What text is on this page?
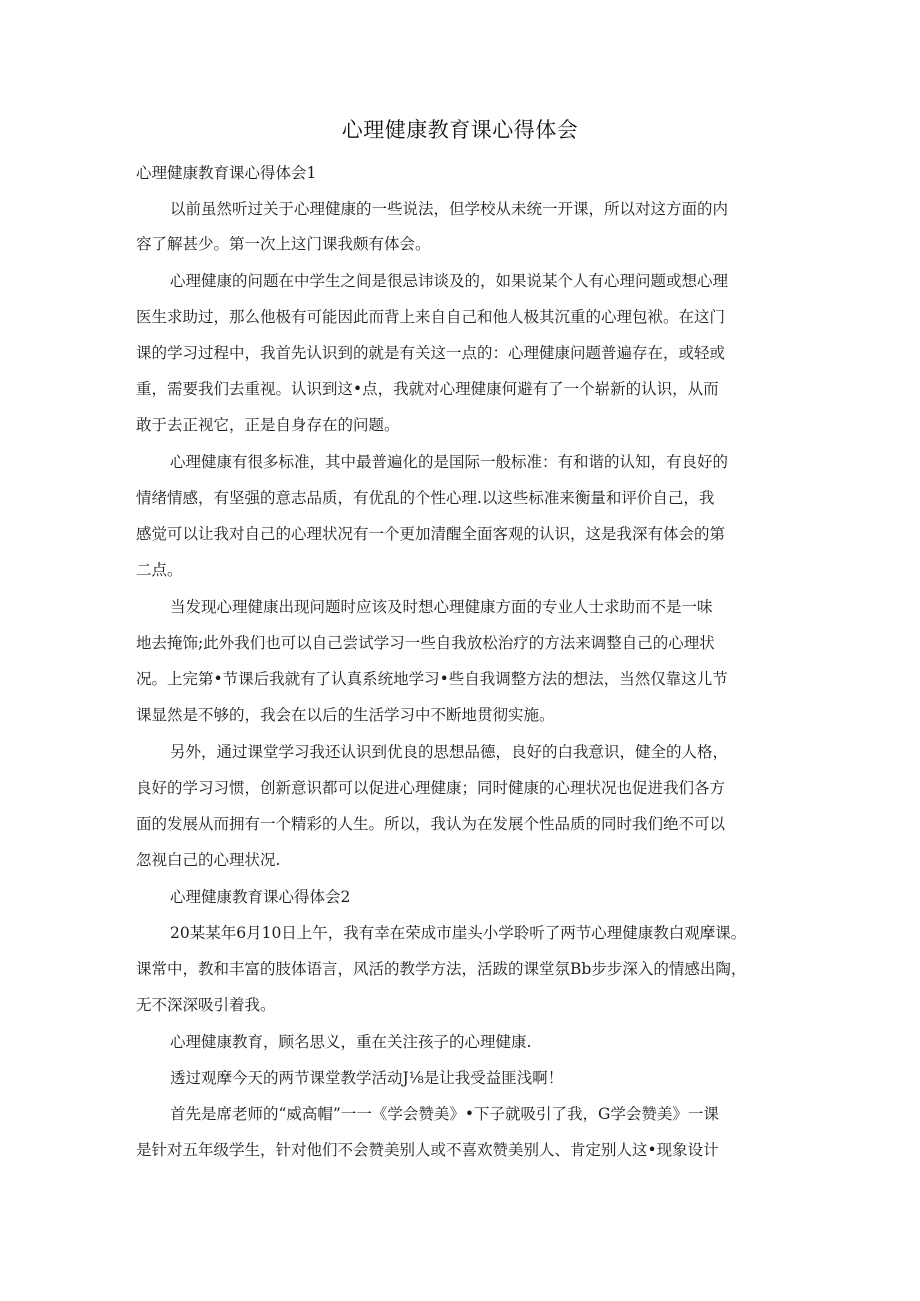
心理健康教育课心得体会
心理健康教育课心得体会1
以前虽然听过关于心理健康的一些说法，但学校从未统一开课，所以对这方面的内
容了解甚少。第一次上这门课我颇有体会。
心理健康的问题在中学生之间是很忌讳谈及的，如果说某个人有心理问题或想心理
医生求助过，那么他极有可能因此而背上来自自己和他人极其沉重的心理包袱。在这门
课的学习过程中，我首先认识到的就是有关这一点的：心理健康问题普遍存在，或轻或
重，需要我们去重视。认识到这•点，我就对心理健康何避有了一个崭新的认识，从而
敢于去正视它，正是自身存在的问题。
心理健康有很多标准，其中最普遍化的是国际一般标准：有和谐的认知，有良好的
情绪情感，有坚强的意志品质，有优乱的个性心理.以这些标准来衡量和评价自己，我
感觉可以让我对自己的心理状况有一个更加清醒全面客观的认识，这是我深有体会的第
二点。
当发现心理健康出现问题时应该及时想心理健康方面的专业人士求助而不是一味
地去掩饰;此外我们也可以自己尝试学习一些自我放松治疗的方法来调整自己的心理状
况。上完第•节课后我就有了认真系统地学习•些自我调整方法的想法，当然仅靠这儿节
课显然是不够的，我会在以后的生活学习中不断地贯彻实施。
另外，通过课堂学习我还认识到优良的思想品德，良好的白我意识，健全的人格，
良好的学习习惯，创新意识都可以促进心理健康；同时健康的心理状况也促进我们各方
面的发展从而拥有一个精彩的人生。所以，我认为在发展个性品质的同时我们绝不可以
忽视白己的心理状况.
心理健康教育课心得体会2
20某某年6月10日上午，我有幸在荣成市崖头小学聆听了两节心理健康教白观摩课。
课常中，教和丰富的肢体语言，风活的教学方法，活跋的课堂氛Bb步步深入的情感出陶，
无不深深吸引着我。
心理健康教育，顾名思义，重在关注孩子的心理健康.
透过观摩今天的两节课堂教学活动J⅛是让我受益匪浅啊！
首先是席老师的“威高帽”一一《学会赞美》•下子就吸引了我，G学会赞美》一课
是针对五年级学生，针对他们不会赞美别人或不喜欢赞美别人、肯定别人这•现象设计
